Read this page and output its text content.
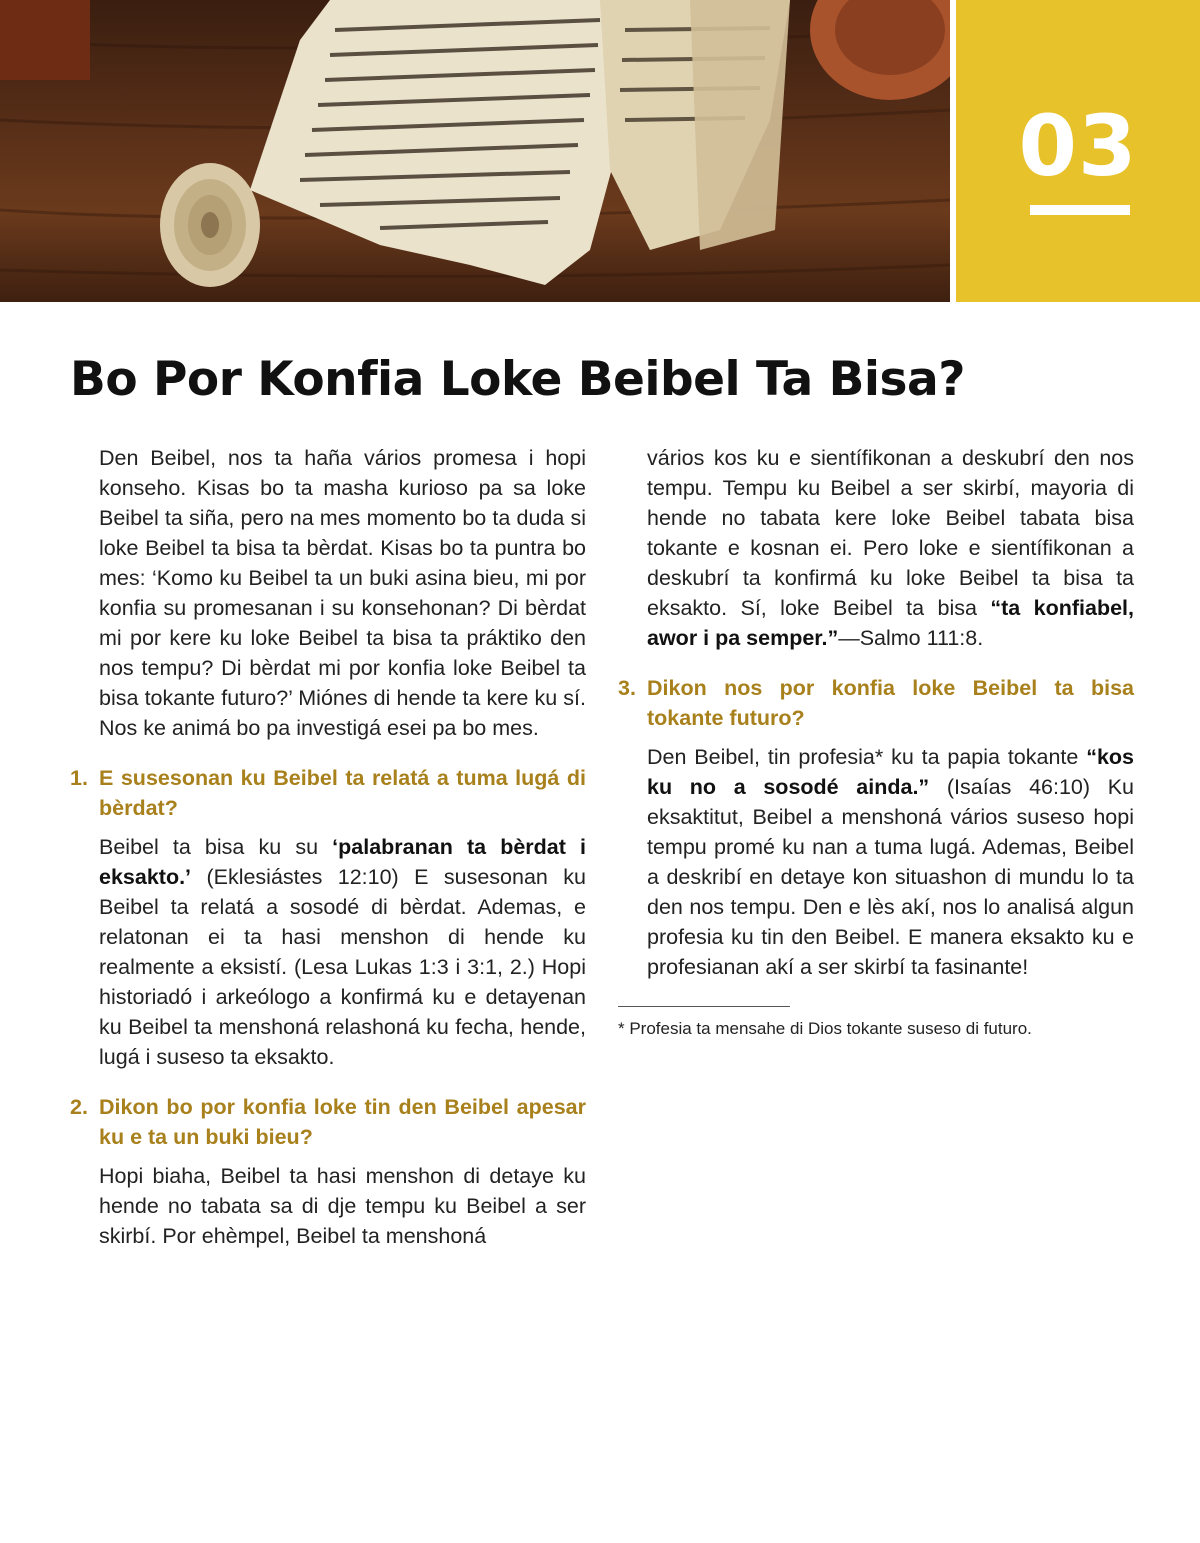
03
Bo Por Konfia Loke Beibel Ta Bisa?

Den Beibel, nos ta haña vários promesa i hopi konseho. Kisas bo ta masha kurioso pa sa loke Beibel ta siña, pero na mes momento bo ta duda si loke Beibel ta bisa ta bèrdat. Kisas bo ta puntra bo mes: ‘Komo ku Beibel ta un buki asina bieu, mi por konfia su promesanan i su konsehonan? Di bèrdat mi por kere ku loke Beibel ta bisa ta práktiko den nos tempu? Di bèrdat mi por konfia loke Beibel ta bisa tokante futuro?’ Miónes di hende ta kere ku sí. Nos ke animá bo pa investigá esei pa bo mes.

1. E susesonan ku Beibel ta relatá a tuma lugá di bèrdat?

Beibel ta bisa ku su ‘palabranan ta bèrdat i eksakto.’ (Eklesiástes 12:10) E susesonan ku Beibel ta relatá a sosodé di bèrdat. Ademas, e relatonan ei ta hasi menshon di hende ku realmente a eksistí. (Lesa Lukas 1:3 i 3:1, 2.) Hopi historiadó i arkeólogo a konfirmá ku e detayenan ku Beibel ta menshoná relashoná ku fecha, hende, lugá i suseso ta eksakto.

2. Dikon bo por konfia loke tin den Beibel apesar ku e ta un buki bieu?

Hopi biaha, Beibel ta hasi menshon di detaye ku hende no tabata sa di dje tempu ku Beibel a ser skirbí. Por ehèmpel, Beibel ta menshoná

vários kos ku e sientífikonan a deskubrí den nos tempu. Tempu ku Beibel a ser skirbí, mayoria di hende no tabata kere loke Beibel tabata bisa tokante e kosnan ei. Pero loke e sientífikonan a deskubrí ta konfirmá ku loke Beibel ta bisa ta eksakto. Sí, loke Beibel ta bisa “ta konfiabel, awor i pa semper.”—Salmo 111:8.

3. Dikon nos por konfia loke Beibel ta bisa tokante futuro?

Den Beibel, tin profesia* ku ta papia tokante “kos ku no a sosodé ainda.” (Isaías 46:10) Ku eksaktitut, Beibel a menshoná vários suseso hopi tempu promé ku nan a tuma lugá. Ademas, Beibel a deskribí en detaye kon situashon di mundu lo ta den nos tempu. Den e lès akí, nos lo analisá algun profesia ku tin den Beibel. E manera eksakto ku e profesianan akí a ser skirbí ta fasinante!

* Profesia ta mensahe di Dios tokante suseso di futuro.
